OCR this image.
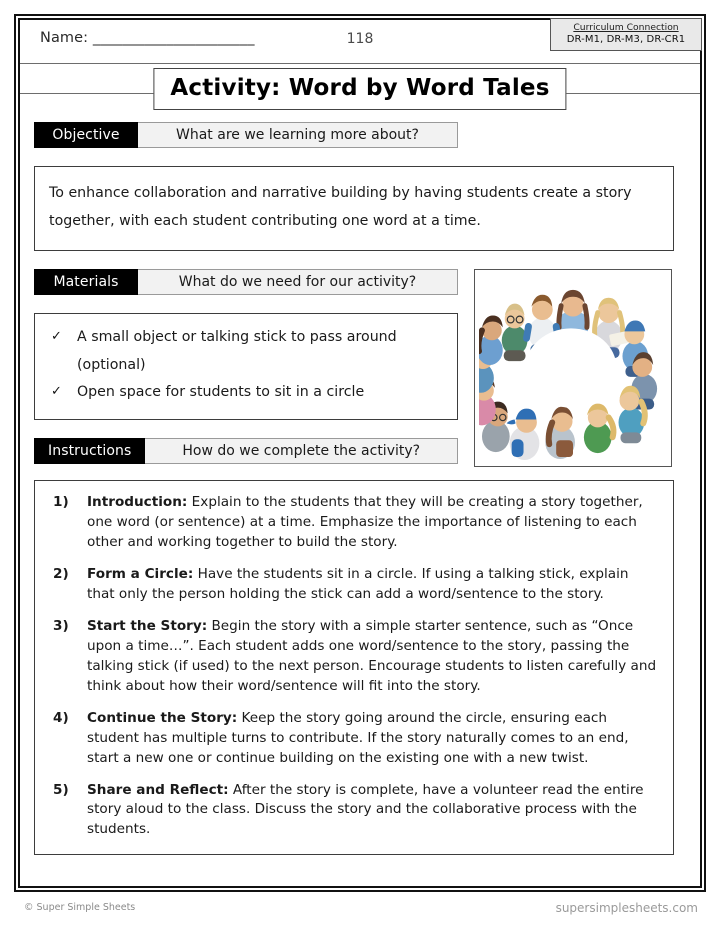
Name: ______________________	118
Curriculum Connection
DR-M1, DR-M3, DR-CR1
Activity: Word by Word Tales
Objective	What are we learning more about?
To enhance collaboration and narrative building by having students create a story together, with each student contributing one word at a time.
Materials	What do we need for our activity?
✓ A small object or talking stick to pass around (optional)
✓ Open space for students to sit in a circle
Instructions	How do we complete the activity?
1) Introduction: Explain to the students that they will be creating a story together, one word (or sentence) at a time. Emphasize the importance of listening to each other and working together to build the story.
2) Form a Circle: Have the students sit in a circle. If using a talking stick, explain that only the person holding the stick can add a word/sentence to the story.
3) Start the Story: Begin the story with a simple starter sentence, such as “Once upon a time…”. Each student adds one word/sentence to the story, passing the talking stick (if used) to the next person. Encourage students to listen carefully and think about how their word/sentence will fit into the story.
4) Continue the Story: Keep the story going around the circle, ensuring each student has multiple turns to contribute. If the story naturally comes to an end, start a new one or continue building on the existing one with a new twist.
5) Share and Reflect: After the story is complete, have a volunteer read the entire story aloud to the class. Discuss the story and the collaborative process with the students.
© Super Simple Sheets	supersimplesheets.com
